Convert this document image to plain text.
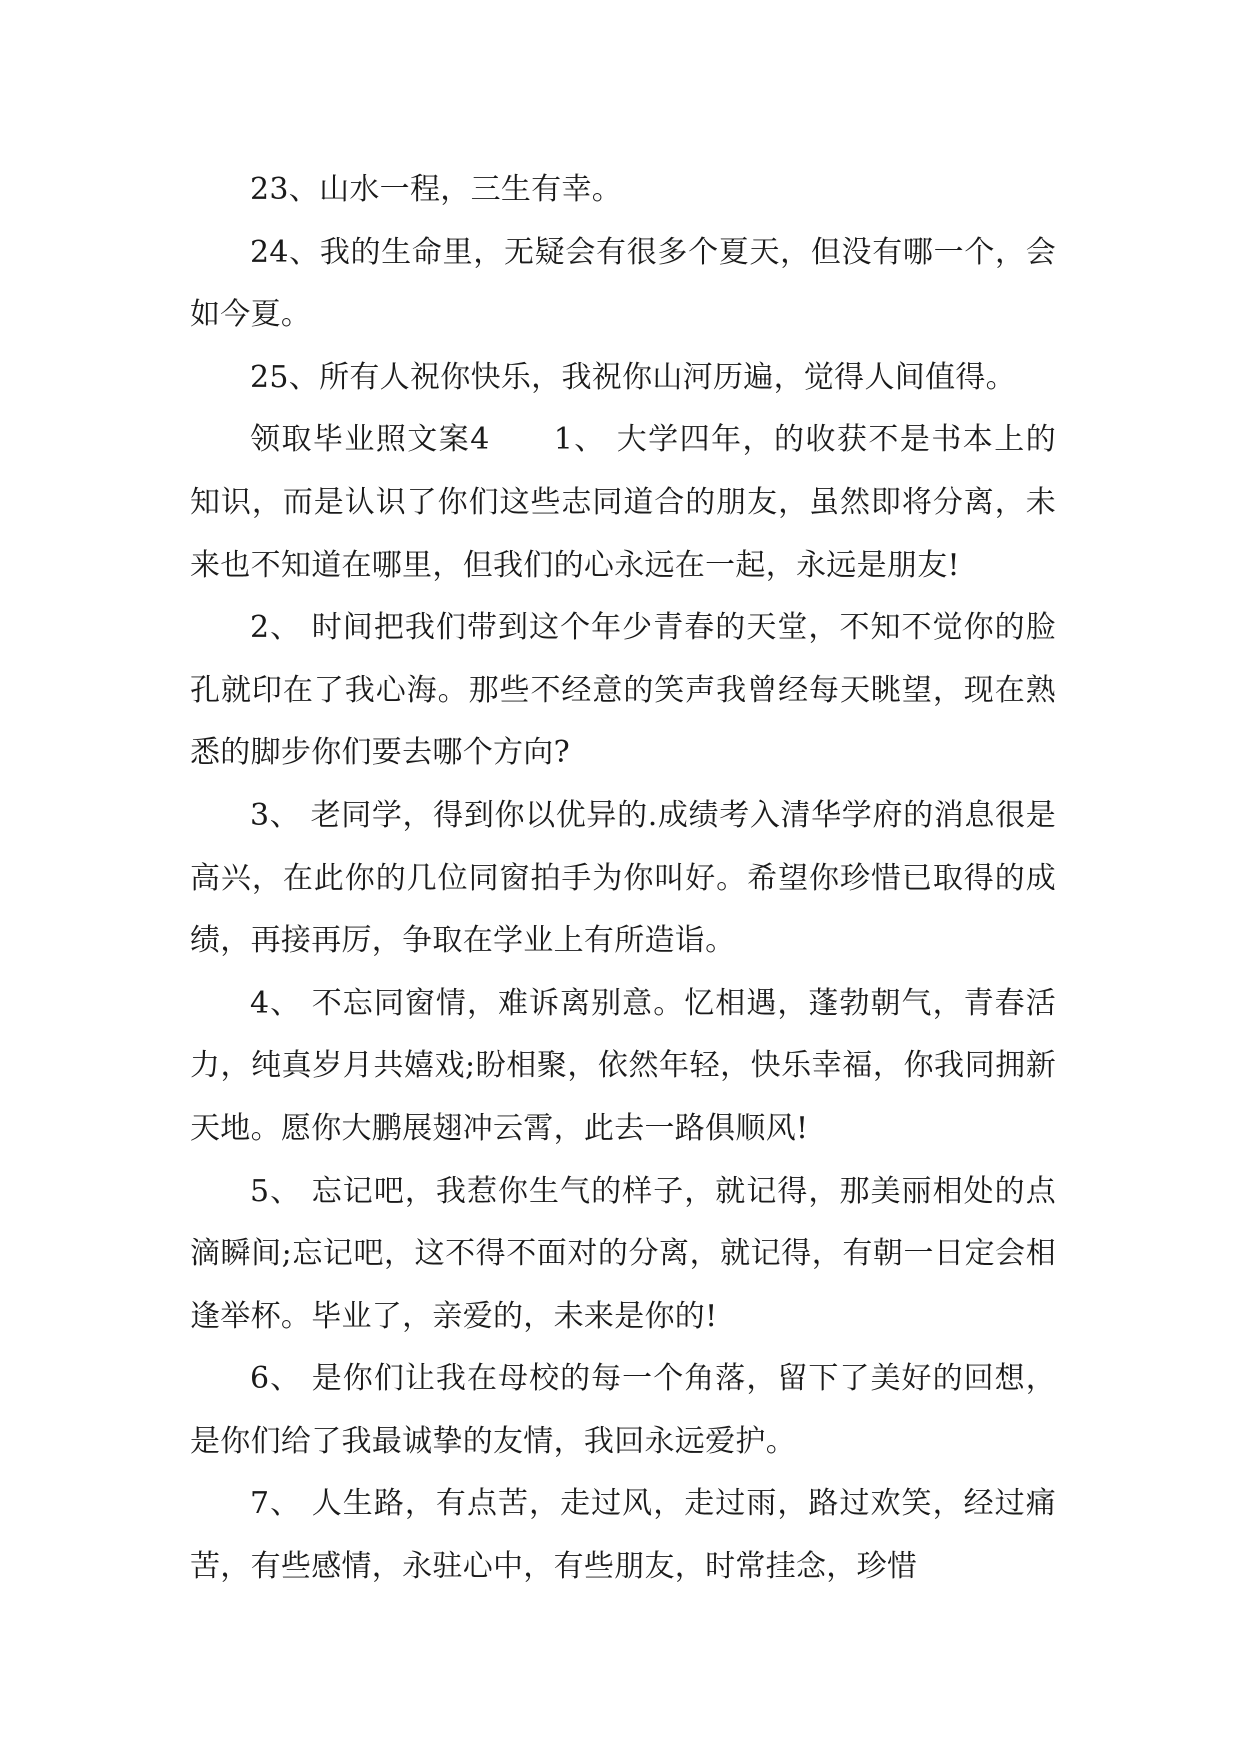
23、山水一程，三生有幸。

24、我的生命里，无疑会有很多个夏天，但没有哪一个，会如今夏。

25、所有人祝你快乐，我祝你山河历遍，觉得人间值得。

领取毕业照文案4　　1、 大学四年，的收获不是书本上的知识，而是认识了你们这些志同道合的朋友，虽然即将分离，未来也不知道在哪里，但我们的心永远在一起，永远是朋友!

2、 时间把我们带到这个年少青春的天堂，不知不觉你的脸孔就印在了我心海。那些不经意的笑声我曾经每天眺望，现在熟悉的脚步你们要去哪个方向?

3、 老同学，得到你以优异的.成绩考入清华学府的消息很是高兴，在此你的几位同窗拍手为你叫好。希望你珍惜已取得的成绩，再接再厉，争取在学业上有所造诣。

4、 不忘同窗情，难诉离别意。忆相遇，蓬勃朝气，青春活力，纯真岁月共嬉戏;盼相聚，依然年轻，快乐幸福，你我同拥新天地。愿你大鹏展翅冲云霄，此去一路俱顺风!

5、 忘记吧，我惹你生气的样子，就记得，那美丽相处的点滴瞬间;忘记吧，这不得不面对的分离，就记得，有朝一日定会相逢举杯。毕业了，亲爱的，未来是你的!

6、 是你们让我在母校的每一个角落，留下了美好的回想，是你们给了我最诚挚的友情，我回永远爱护。

7、 人生路，有点苦，走过风，走过雨，路过欢笑，经过痛苦，有些感情，永驻心中，有些朋友，时常挂念，珍惜
